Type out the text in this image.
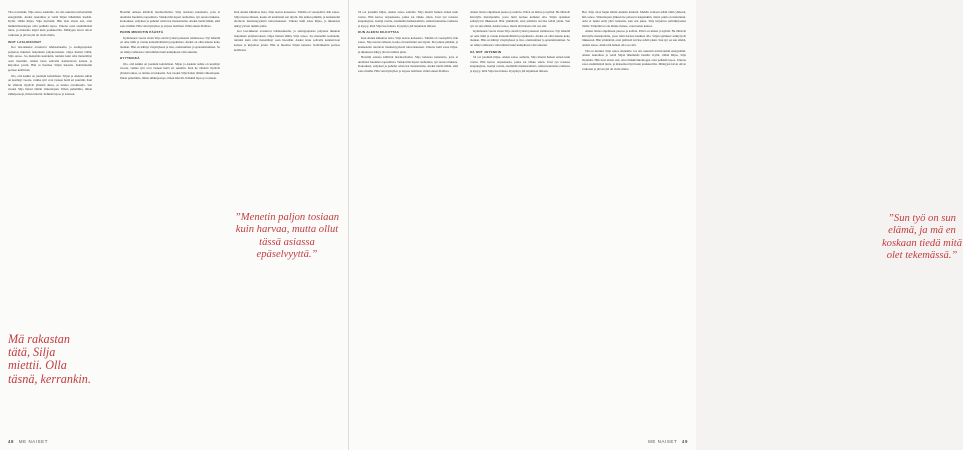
Tää on merkki, Silja sanoo Aleksille. Jos siis uskoisin universumin energioihin. Aleksi naurahtaa ja vetää Siljan lähemmäs itseään. Kyllä, vähän hiljaa, Silja myöntää. Hän tiesi alusta asti, ettei mökkiviikonloppu olisi pelkkää lepoa. Ulkona satoi ensimmäistä lunta, ja maisema näytti kuin joulukortilta. Mäntyjen latvat olivat valkoiset ja järven jää oli vielä ohutta.

ISOT LASI-IKKUNAT

Isot lasi-ikkunat avautuvat tehdasalueelle, ja auringonpaiste paljastaa ikkunan lasipinnan pölykerroksen. Onpa hiensti täällä, Silja sanoo. Jos menettäis kontaktin, tuntuisi kuin olisi menettänyt osan itsestään. Aleksi istuu sohvalla kannettavan kanssa ja kirjoittaa jotain. Hän ei huomaa Siljan katsetta. Kahvinkeitin porisee keittiössä.

Olo, että kaikki on jotenkin kohdallaan. Siljan ja Aleksin suhde on kestänyt vuosia, vaikka työt ovat vieneet heitä eri suuntiin. Kun he vihdoin löytävät yhteistä aikaa, se tuntuu arvokkaalta. Sen vuoksi Silja halusi tämän viikonlopun. Ilman puhelimia, ilman sähköposteja, ilman kiirettä. Pelkkää lepoa ja toisiaan.

Mä rakastan tätä, Silja miettii. Olla täsnä, kerrankin.

Hotellin aulassa kiiltävät marmorilattiat. Silja tarkistaa kalenteria, jotta ei unohtaisi huomista tapaamista. Vaikka hän lupasi rauhoittua, työ seuraa mukana. Kokoukset, esitykset ja puhelut odottavat maanantaina. Aleksi tietää tämän, eikä sano mitään. Hän vain hymyilee ja tarjoaa lasillisen viiniä ennen illallista.

PARIN MINUUTIN PÄÄSTÄ

Kymmenen vuotta sitten Silja aloitti työnsä pienessä toimistossa. Nyt hänellä on oma tiimi ja vastuu kansainvälisistä projekteista. Aleksi on ollut tukena koko matkan. Hän on nähnyt väsymyksen ja ilon, onnistumiset ja epäonnistumiset. Se on tehnyt suhteesta vahvemman kuin kumpikaan olisi uskonut.

HYYTEIKKÄ

Olo, että kaikki on jotenkin kohdallaan. Siljan ja Aleksin suhde on kestänyt vuosia, vaikka työt ovat vieneet heitä eri suuntiin. Kun he vihdoin löytävät yhteistä aikaa, se tuntuu arvokkaalta. Sen vuoksi Silja halusi tämän viikonlopun. Ilman puhelimia, ilman sähköposteja, ilman kiirettä. Pelkkää lepoa ja toisiaan.

Kun Aleksi kilkuttaa lasia, Silja nostaa katseensa. Tänään on vuosipäivä, hän sanoo. Silja nauraa ääneen, koska oli unohtanut sen täysin. Ilta jatkuu pitkään, ja keskustelut ulottuvat menneisyydestä tulevaisuuteen. Ulkona lumi sataa hiljaa, ja ikkunasta näkyy järven tumma pinta.

Isot lasi-ikkunat avautuvat tehdasalueelle, ja auringonpaiste paljastaa ikkunan lasipinnan pölykerroksen. Onpa hiensti täällä, Silja sanoo. Jos menettäis kontaktin, tuntuisi kuin olisi menettänyt osan itsestään. Aleksi istuu sohvalla kannettavan kanssa ja kirjoittaa jotain. Hän ei huomaa Siljan katsetta. Kahvinkeitin porisee keittiössä.

”Menetin paljon tosiaan kuin harvaa, mutta ollut tässä asiassa epäselvyyttä.”
48 ME NAISET

Sä oot jotenkin hiljaa, Aleksi sanoo aamulla. Silja miettii hetken ennen kuin vastaa. Hän kertoo tarjouksesta, jonka sai viikko sitten. Uusi työ toisessa kaupungissa, isompi vastuu, enemmän matkustamista. Aleksi kuuntelee rauhassa ja kysyy, mitä Silja itse haluaa. Kysymys jää leijumaan ilmaan.

KUN ALEKSI KILKUTTAA

Kun Aleksi kilkuttaa lasia, Silja nostaa katseensa. Tänään on vuosipäivä, hän sanoo. Silja nauraa ääneen, koska oli unohtanut sen täysin. Ilta jatkuu pitkään, ja keskustelut ulottuvat menneisyydestä tulevaisuuteen. Ulkona lumi sataa hiljaa, ja ikkunasta näkyy järven tumma pinta.

Hotellin aulassa kiiltävät marmorilattiat. Silja tarkistaa kalenteria, jotta ei unohtaisi huomista tapaamista. Vaikka hän lupasi rauhoittua, työ seuraa mukana. Kokoukset, esitykset ja puhelut odottavat maanantaina. Aleksi tietää tämän, eikä sano mitään. Hän vain hymyilee ja tarjoaa lasillisen viiniä ennen illallista.

Aleksi laittaa ohjelmaan puuroa ja kahvia. Päivä on kirkas ja kylmä. He lähtevät kävelylle metsäpolulle, jossa lumi narisee kenkien alla. Siljan ajatukset selkiytyvät liikkeessä. Hän ymmärtää, ettei päätöstä tarvitse tehdä yksin. Sun työ on sun elämä, Aleksi sanoo, mutta mä haluan olla osa sitä.

Kymmenen vuotta sitten Silja aloitti työnsä pienessä toimistossa. Nyt hänellä on oma tiimi ja vastuu kansainvälisistä projekteista. Aleksi on ollut tukena koko matkan. Hän on nähnyt väsymyksen ja ilon, onnistumiset ja epäonnistumiset. Se on tehnyt suhteesta vahvemman kuin kumpikaan olisi uskonut.

SÄ ODT JOTENKIN

Sä oot jotenkin hiljaa, Aleksi sanoo aamulla. Silja miettii hetken ennen kuin vastaa. Hän kertoo tarjouksesta, jonka sai viikko sitten. Uusi työ toisessa kaupungissa, isompi vastuu, enemmän matkustamista. Aleksi kuuntelee rauhassa ja kysyy, mitä Silja itse haluaa. Kysymys jää leijumaan ilmaan.

”Sun työ on sun elämä, ja mä en koskaan tiedä mitä olet tekemässä.”

Hei, Silja ottaa hajun kiinni Aleksin kädestä. Mehän voidaan tehdä tämä yhdessä, hän sanoo. Viikonlopun jälkeen he palaavat kaupunkiin, mutta jokin on muuttunut. Arki ei tunnu enää yhtä raskaalta, kun sen jakaa. Silja kirjoittaa päiväkirjaansa illalla: Tärkeintä ei ole minne menee, vaan kenen kanssa.

Aleksi laittaa ohjelmaan puuroa ja kahvia. Päivä on kirkas ja kylmä. He lähtevät kävelylle metsäpolulle, jossa lumi narisee kenkien alla. Siljan ajatukset selkiytyvät liikkeessä. Hän ymmärtää, ettei päätöstä tarvitse tehdä yksin. Sun työ on sun elämä, Aleksi sanoo, mutta mä haluan olla osa sitä.

Tää on merkki, Silja sanoo Aleksille. Jos siis uskoisin universumin energioihin. Aleksi naurahtaa ja vetää Siljan lähemmäs itseään. Kyllä, vähän hiljaa, Silja myöntää. Hän tiesi alusta asti, ettei mökkiviikonloppu olisi pelkkää lepoa. Ulkona satoi ensimmäistä lunta, ja maisema näytti kuin joulukortilta. Mäntyjen latvat olivat valkoiset ja järven jää oli vielä ohutta.

ME NAISET 49
